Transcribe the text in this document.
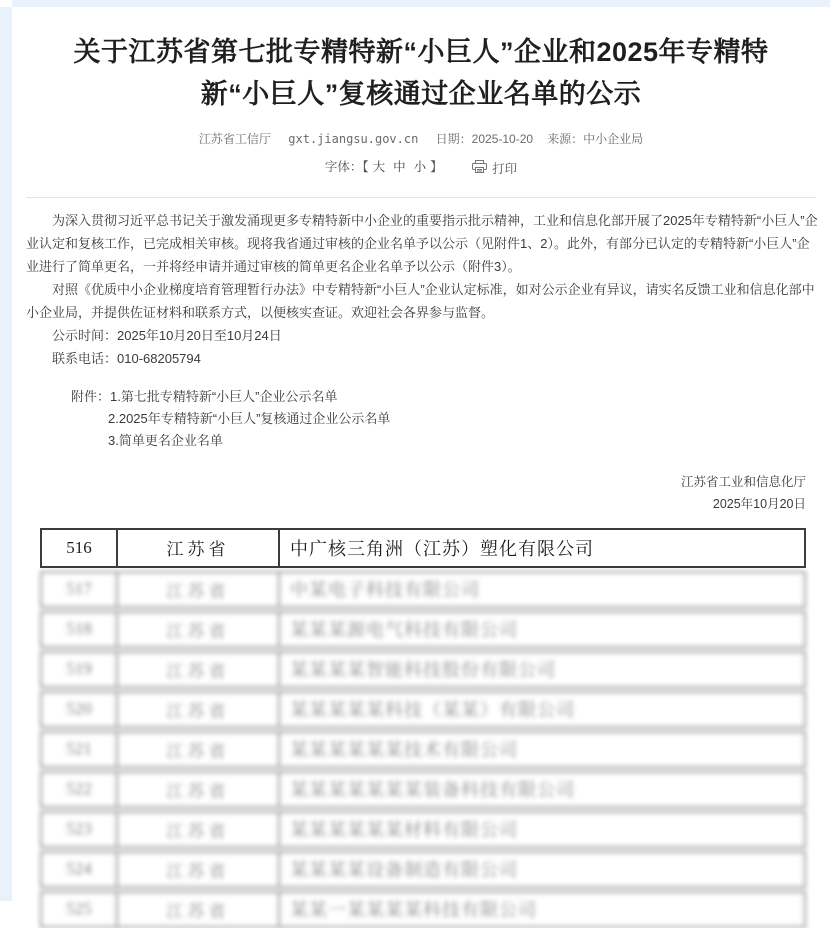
关于江苏省第七批专精特新“小巨人”企业和2025年专精特新“小巨人”复核通过企业名单的公示
江苏省工信厅 gxt.jiangsu.gov.cn 日期：2025-10-20 来源：中小企业局
字体：【 大 中 小 】	打印

为深入贯彻习近平总书记关于激发涌现更多专精特新中小企业的重要指示批示精神，工业和信息化部开展了2025年专精特新“小巨人”企业认定和复核工作，已完成相关审核。现将我省通过审核的企业名单予以公示（见附件1、2）。此外，有部分已认定的专精特新“小巨人”企业进行了简单更名，一并将经申请并通过审核的简单更名企业名单予以公示（附件3）。

对照《优质中小企业梯度培育管理暂行办法》中专精特新“小巨人”企业认定标准，如对公示企业有异议，请实名反馈工业和信息化部中小企业局，并提供佐证材料和联系方式，以便核实查证。欢迎社会各界参与监督。

公示时间：2025年10月20日至10月24日

联系电话：010-68205794

附件：1.第七批专精特新“小巨人”企业公示名单

2.2025年专精特新“小巨人”复核通过企业公示名单

3.简单更名企业名单

江苏省工业和信息化厅
2025年10月20日
516	江苏省	中广核三角洲（江苏）塑化有限公司
517	江苏省	中某电子科技有限公司
518	江苏省	某某某源电气科技有限公司
519	江苏省	某某某某智能科技股份有限公司
520	江苏省	某某某某某科技（某某）有限公司
521	江苏省	某某某某某某技术有限公司
522	江苏省	某某某某某某某装备科技有限公司
523	江苏省	某某某某某某材料有限公司
524	江苏省	某某某某设备制造有限公司
525	江苏省	某某一某某某某科技有限公司
